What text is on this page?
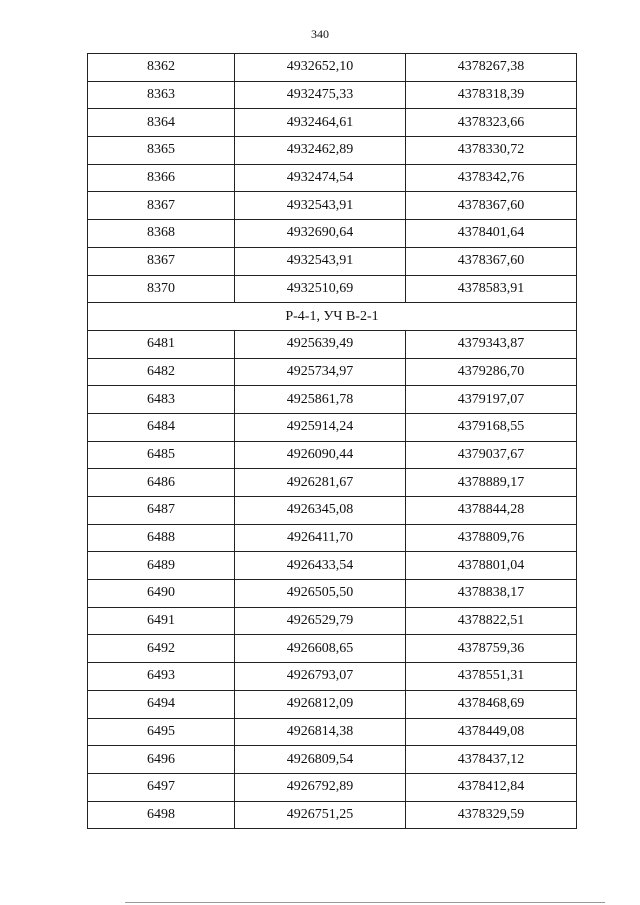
340
8362	4932652,10	4378267,38
8363	4932475,33	4378318,39
8364	4932464,61	4378323,66
8365	4932462,89	4378330,72
8366	4932474,54	4378342,76
8367	4932543,91	4378367,60
8368	4932690,64	4378401,64
8367	4932543,91	4378367,60
8370	4932510,69	4378583,91
Р-4-1, УЧ В-2-1		
6481	4925639,49	4379343,87
6482	4925734,97	4379286,70
6483	4925861,78	4379197,07
6484	4925914,24	4379168,55
6485	4926090,44	4379037,67
6486	4926281,67	4378889,17
6487	4926345,08	4378844,28
6488	4926411,70	4378809,76
6489	4926433,54	4378801,04
6490	4926505,50	4378838,17
6491	4926529,79	4378822,51
6492	4926608,65	4378759,36
6493	4926793,07	4378551,31
6494	4926812,09	4378468,69
6495	4926814,38	4378449,08
6496	4926809,54	4378437,12
6497	4926792,89	4378412,84
6498	4926751,25	4378329,59
